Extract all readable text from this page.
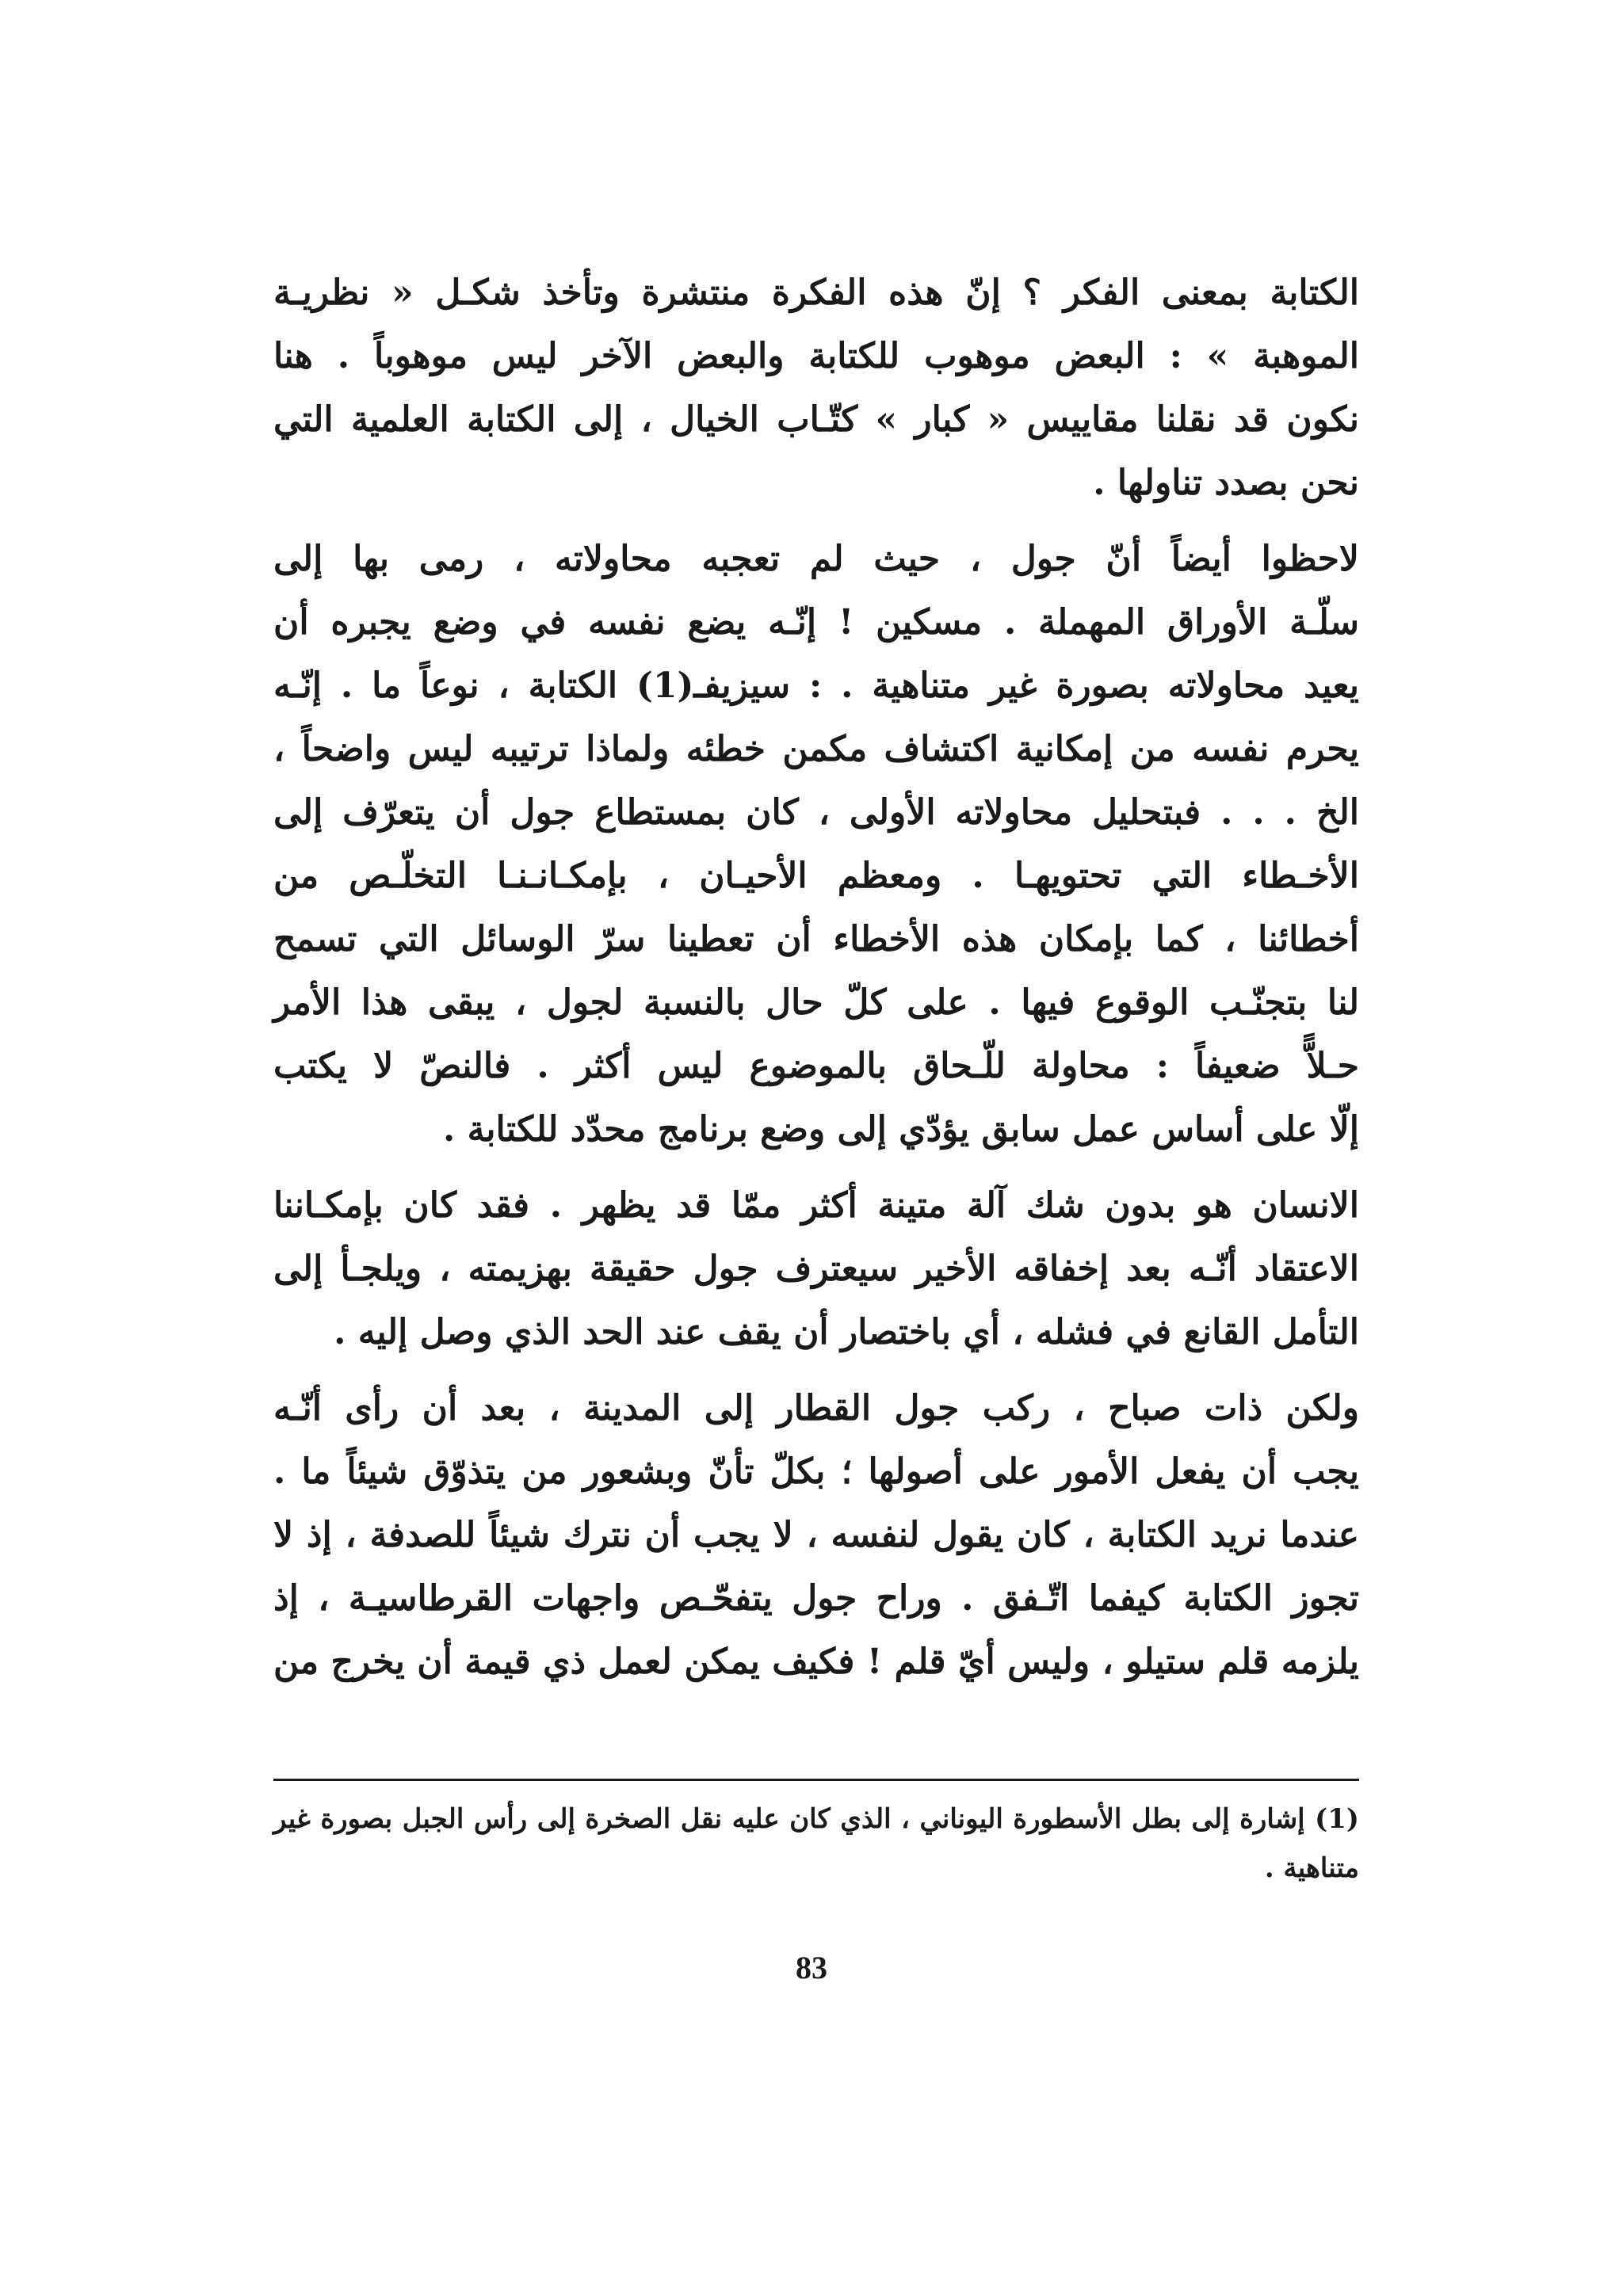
الكتابة بمعنى الفكر ؟ إنّ هذه الفكرة منتشرة وتأخذ شكـل « نظريـة
الموهبة » : البعض موهوب للكتابة والبعض الآخر ليس موهوباً . هنا
نكون قد نقلنا مقاييس « كبار » كتّـاب الخيال ، إلى الكتابة العلمية التي
نحن بصدد تناولها .
لاحظوا أيضاً أنّ جول ، حيث لم تعجبه محاولاته ، رمى بها إلى
سلّـة الأوراق المهملة . مسكين ! إنّـه يضع نفسه في وضع يجبره أن
يعيد محاولاته بصورة غير متناهية . : سيزيفـ(1) الكتابة ، نوعاً ما . إنّـه
يحرم نفسه من إمكانية اكتشاف مكمن خطئه ولماذا ترتيبه ليس واضحاً ،
الخ . . . فبتحليل محاولاته الأولى ، كان بمستطاع جول أن يتعرّف إلى
الأخـطاء التي تحتويهـا . ومعظم الأحيـان ، بإمكـانـنـا التخلّـص من
أخطائنا ، كما بإمكان هذه الأخطاء أن تعطينا سرّ الوسائل التي تسمح
لنا بتجنّـب الوقوع فيها . على كلّ حال بالنسبة لجول ، يبقى هذا الأمر
حـلاًّ ضعيفاً : محاولة للّـحاق بالموضوع ليس أكثر . فالنصّ لا يكتب
إلّا على أساس عمل سابق يؤدّي إلى وضع برنامج محدّد للكتابة .
الانسان هو بدون شك آلة متينة أكثر ممّا قد يظهر . فقد كان بإمكـاننا
الاعتقاد أنّـه بعد إخفاقه الأخير سيعترف جول حقيقة بهزيمته ، ويلجـأ إلى
التأمل القانع في فشله ، أي باختصار أن يقف عند الحد الذي وصل إليه .
ولكن ذات صباح ، ركب جول القطار إلى المدينة ، بعد أن رأى أنّـه
يجب أن يفعل الأمور على أصولها ؛ بكلّ تأنّ وبشعور من يتذوّق شيئاً ما .
عندما نريد الكتابة ، كان يقول لنفسه ، لا يجب أن نترك شيئاً للصدفة ، إذ لا
تجوز الكتابة كيفما اتّـفق . وراح جول يتفحّـص واجهات القرطاسيـة ، إذ
يلزمه قلم ستيلو ، وليس أيّ قلم ! فكيف يمكن لعمل ذي قيمة أن يخرج من
(1) إشارة إلى بطل الأسطورة اليوناني ، الذي كان عليه نقل الصخرة إلى رأس الجبل بصورة غير
متناهية .
83
